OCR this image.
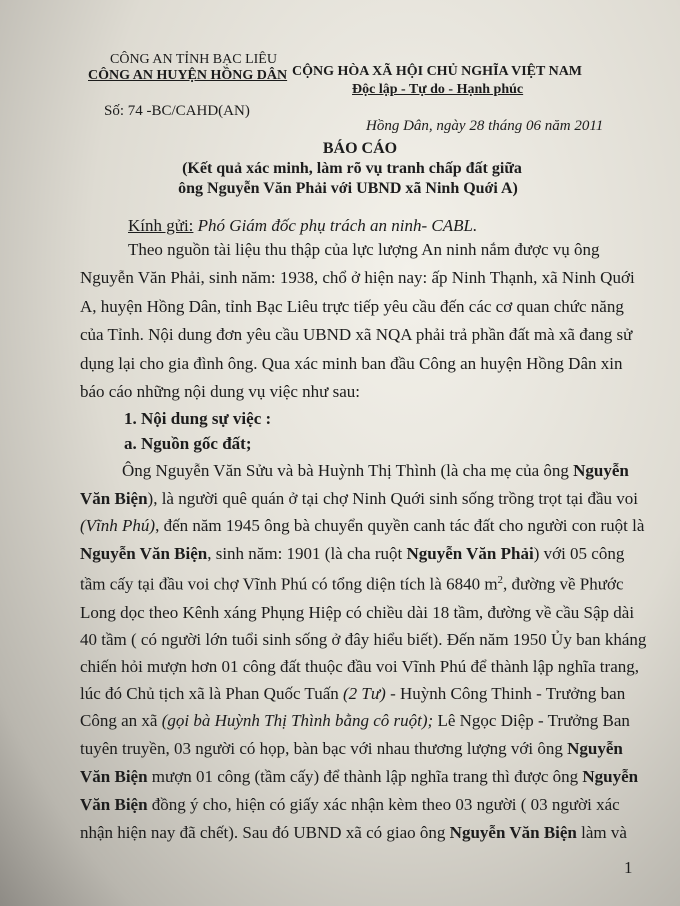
CÔNG AN TỈNH BẠC LIÊU
CÔNG AN HUYỆN HỒNG DÂN
Số: 74 -BC/CAHD(AN)
CỘNG HÒA XÃ HỘI CHỦ NGHĨA VIỆT NAM
Độc lập - Tự do - Hạnh phúc
Hồng Dân, ngày 28 tháng 06 năm 2011
BÁO CÁO
(Kết quả xác minh, làm rõ vụ tranh chấp đất giữa
ông Nguyễn Văn Phải với UBND xã Ninh Quới A)
Kính gửi: Phó Giám đốc phụ trách an ninh- CABL.
Theo nguồn tài liệu thu thập của lực lượng An ninh nắm được vụ ông
Nguyễn Văn Phải, sinh năm: 1938, chổ ở hiện nay: ấp Ninh Thạnh, xã Ninh Quới
A, huyện Hồng Dân, tỉnh Bạc Liêu trực tiếp yêu cầu đến các cơ quan chức năng
của Tỉnh. Nội dung đơn yêu cầu UBND xã NQA phải trả phần đất mà xã đang sử
dụng lại cho gia đình ông. Qua xác minh ban đầu Công an huyện Hồng Dân xin
báo cáo những nội dung vụ việc như sau:
1. Nội dung sự việc :
a. Nguồn gốc đất;
Ông Nguyễn Văn Sửu và bà Huỳnh Thị Thình (là cha mẹ của ông Nguyễn
Văn Biện), là người quê quán ở tại chợ Ninh Quới sinh sống trồng trọt tại đầu voi
(Vĩnh Phú), đến năm 1945 ông bà chuyển quyền canh tác đất cho người con ruột là
Nguyễn Văn Biện, sinh năm: 1901 (là cha ruột Nguyễn Văn Phải) với 05 công
tầm cấy tại đầu voi chợ Vĩnh Phú có tổng diện tích là 6840 $m^2$, đường về Phước
Long dọc theo Kênh xáng Phụng Hiệp có chiều dài 18 tầm, đường về cầu Sập dài
40 tầm ( có người lớn tuổi sinh sống ở đây hiểu biết). Đến năm 1950 Ủy ban kháng
chiến hỏi mượn hơn 01 công đất thuộc đầu voi Vĩnh Phú để thành lập nghĩa trang,
lúc đó Chủ tịch xã là Phan Quốc Tuấn (2 Tư) - Huỳnh Công Thinh - Trưởng ban
Công an xã (gọi bà Huỳnh Thị Thình bằng cô ruột); Lê Ngọc Diệp - Trưởng Ban
tuyên truyền, 03 người có họp, bàn bạc với nhau thương lượng với ông Nguyễn
Văn Biện mượn 01 công (tầm cấy) để thành lập nghĩa trang thì được ông Nguyễn
Văn Biện đồng ý cho, hiện có giấy xác nhận kèm theo 03 người ( 03 người xác
nhận hiện nay đã chết). Sau đó UBND xã có giao ông Nguyễn Văn Biện làm và
1
